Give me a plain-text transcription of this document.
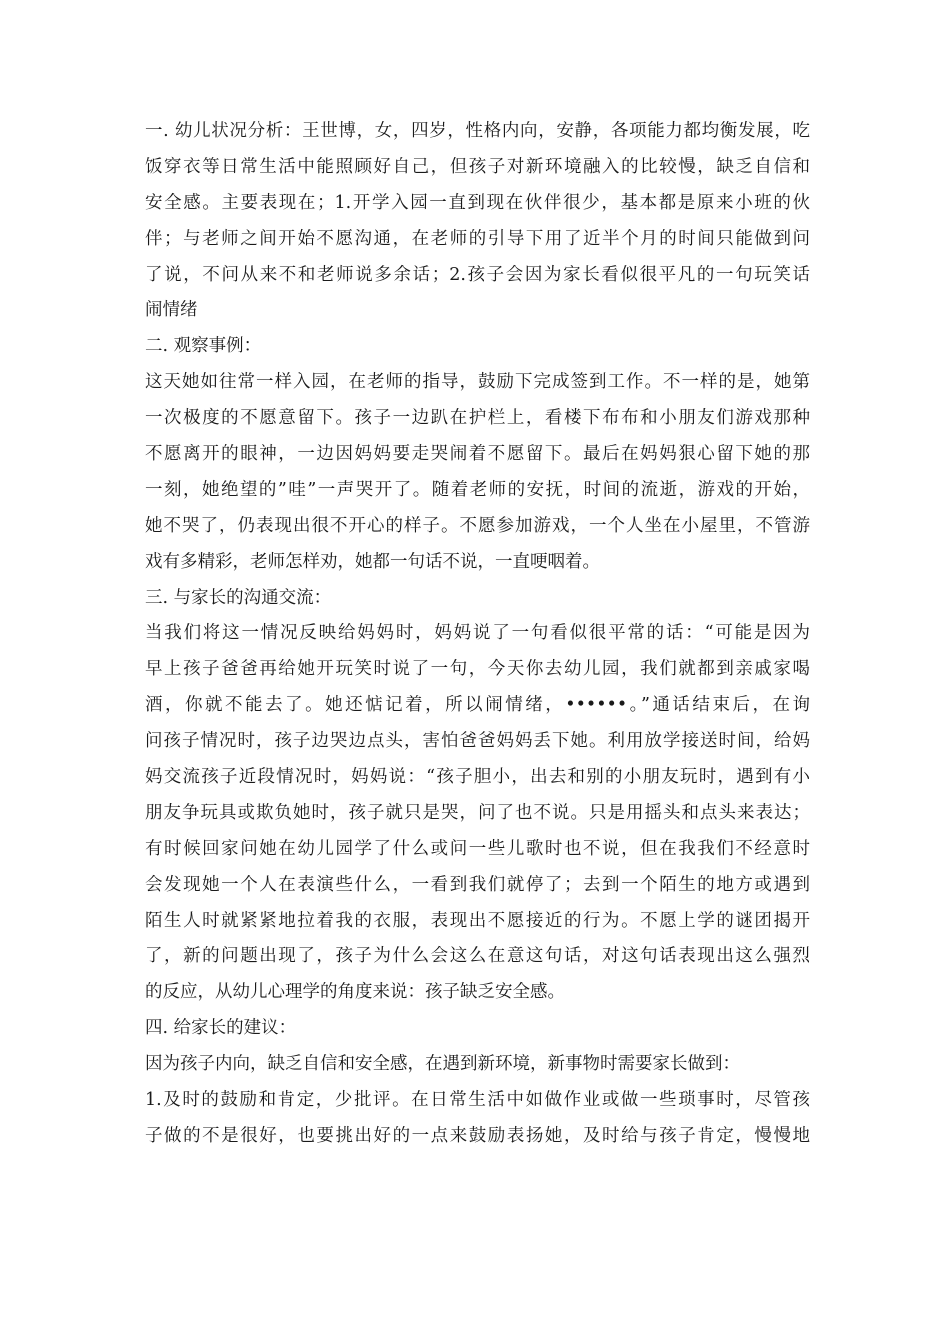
一. 幼儿状况分析：王世博，女，四岁，性格内向，安静，各项能力都均衡发展，吃
饭穿衣等日常生活中能照顾好自己，但孩子对新环境融入的比较慢，缺乏自信和
安全感。主要表现在；1.开学入园一直到现在伙伴很少，基本都是原来小班的伙
伴；与老师之间开始不愿沟通，在老师的引导下用了近半个月的时间只能做到问
了说，不问从来不和老师说多余话；2.孩子会因为家长看似很平凡的一句玩笑话
闹情绪
二. 观察事例：
这天她如往常一样入园，在老师的指导，鼓励下完成签到工作。不一样的是，她第
一次极度的不愿意留下。孩子一边趴在护栏上，看楼下布布和小朋友们游戏那种
不愿离开的眼神，一边因妈妈要走哭闹着不愿留下。最后在妈妈狠心留下她的那
一刻，她绝望的”哇”一声哭开了。随着老师的安抚，时间的流逝，游戏的开始，
她不哭了，仍表现出很不开心的样子。不愿参加游戏，一个人坐在小屋里，不管游
戏有多精彩，老师怎样劝，她都一句话不说，一直哽咽着。
三. 与家长的沟通交流：
当我们将这一情况反映给妈妈时，妈妈说了一句看似很平常的话：“可能是因为
早上孩子爸爸再给她开玩笑时说了一句，今天你去幼儿园，我们就都到亲戚家喝
酒，你就不能去了。她还惦记着，所以闹情绪，••••••。”通话结束后，在询
问孩子情况时，孩子边哭边点头，害怕爸爸妈妈丢下她。利用放学接送时间，给妈
妈交流孩子近段情况时，妈妈说：“孩子胆小，出去和别的小朋友玩时，遇到有小
朋友争玩具或欺负她时，孩子就只是哭，问了也不说。只是用摇头和点头来表达；
有时候回家问她在幼儿园学了什么或问一些儿歌时也不说，但在我我们不经意时
会发现她一个人在表演些什么，一看到我们就停了；去到一个陌生的地方或遇到
陌生人时就紧紧地拉着我的衣服，表现出不愿接近的行为。不愿上学的谜团揭开
了，新的问题出现了，孩子为什么会这么在意这句话，对这句话表现出这么强烈
的反应，从幼儿心理学的角度来说：孩子缺乏安全感。
四. 给家长的建议：
因为孩子内向，缺乏自信和安全感，在遇到新环境，新事物时需要家长做到：
1.及时的鼓励和肯定，少批评。在日常生活中如做作业或做一些琐事时，尽管孩
子做的不是很好，也要挑出好的一点来鼓励表扬她，及时给与孩子肯定，慢慢地
